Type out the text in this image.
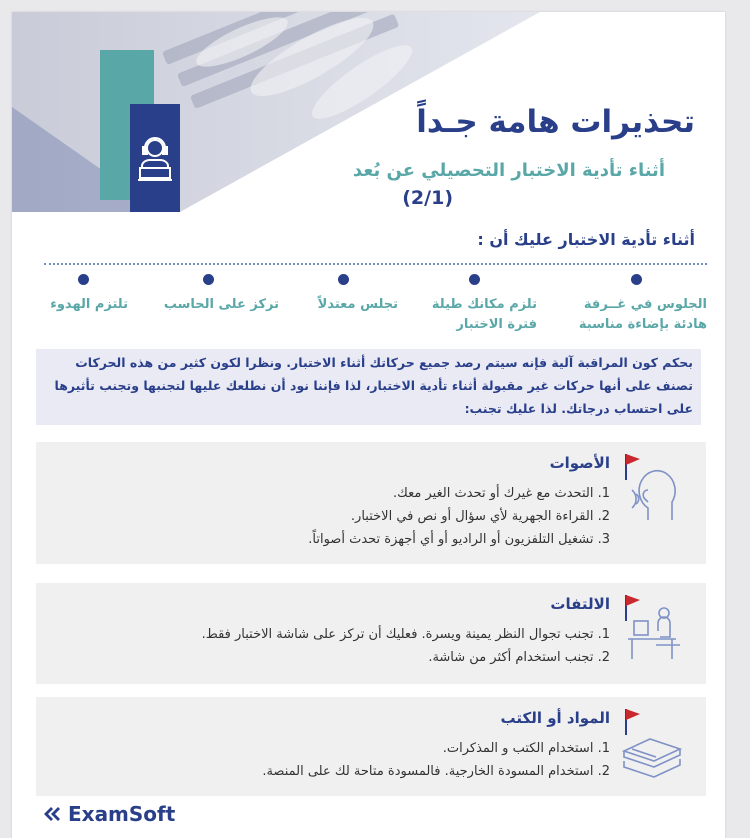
تحذيرات هامة جـداً
أثناء تأدية الاختبار التحصيلي عن بُعد
(2/1)
أثناء تأدية الاختبار عليك أن :
الجلوس في غــرفة
هادئة بإضاءة مناسبة
تلزم مكانك طيلة
فترة الاختبار
تجلس معتدلاً
تركز على الحاسب
تلتزم الهدوء
بحكم كون المراقبة آلية فإنه سيتم رصد جميع حركاتك أثناء الاختبار. ونظرا لكون كثير من هذه الحركات
تصنف على أنها حركات غير مقبولة أثناء تأدية الاختبار، لذا فإننا نود أن نطلعك عليها لتجنبها وتجنب تأثيرها
على احتساب درجاتك. لذا عليك تجنب:
الأصوات
1. التحدث مع غيرك أو تحدث الغير معك.
2. القراءة الجهرية لأي سؤال أو نص في الاختبار.
3. تشغيل التلفزيون أو الراديو أو أي أجهزة تحدث أصواتاً.
الالتفات
1. تجنب تجوال النظر يمينة ويسرة. فعليك أن تركز على شاشة الاختبار فقط.
2. تجنب استخدام أكثر من شاشة.
المواد أو الكتب
1. استخدام الكتب و المذكرات.
2. استخدام المسودة الخارجية. فالمسودة متاحة لك على المنصة.
ExamSoft
